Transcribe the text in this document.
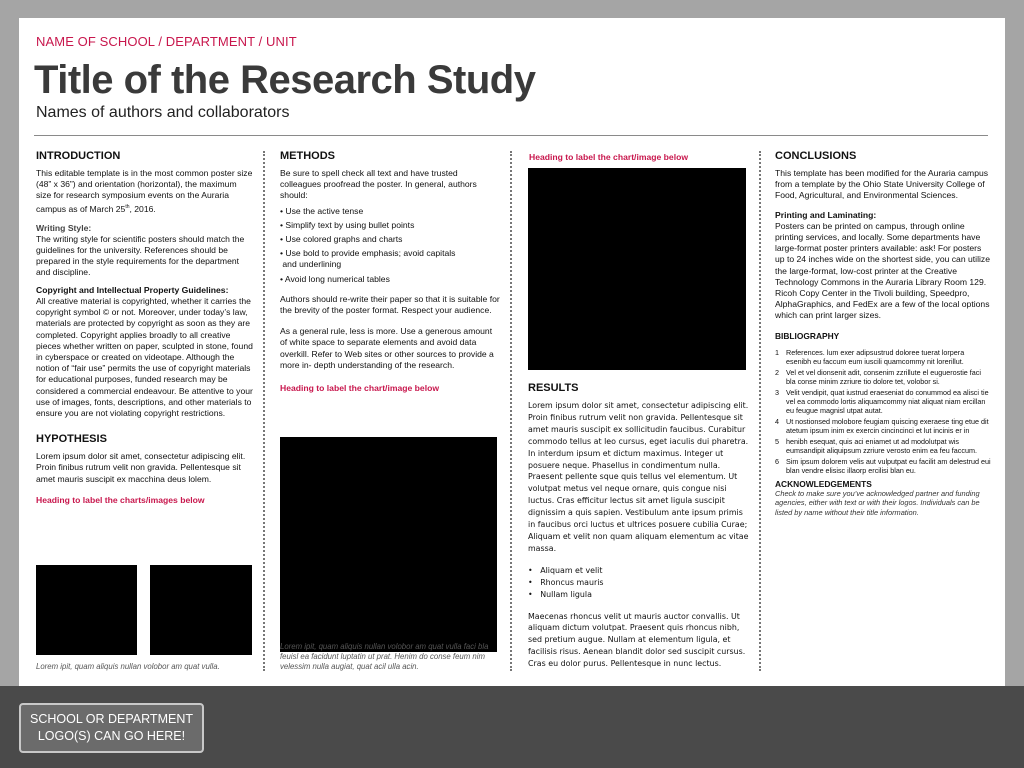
NAME OF SCHOOL / DEPARTMENT / UNIT
Title of the Research Study
Names of authors and collaborators
INTRODUCTION

This editable template is in the most common poster size (48” x 36”) and orientation (horizontal), the maximum size for research symposium events on the Auraria campus as of March 25th, 2016.

Writing Style:

The writing style for scientific posters should match the guidelines for the university. References should be prepared in the style requirements for the department and discipline.

Copyright and Intellectual Property Guidelines:

All creative material is copyrighted, whether it carries the copyright symbol © or not. Moreover, under today’s law, materials are protected by copyright as soon as they are completed. Copyright applies broadly to all creative pieces whether written on paper, sculpted in stone, found in cyberspace or created on videotape. Although the notion of “fair use” permits the use of copyright materials for educational purposes, funded research may be considered a commercial endeavour. Be attentive to your use of images, fonts, descriptions, and other materials to ensure you are not violating copyright restrictions.

HYPOTHESIS

Lorem ipsum dolor sit amet, consectetur adipiscing elit. Proin finibus rutrum velit non gravida. Pellentesque sit amet mauris suscipit ex macchina deus lolem.

Heading to label the charts/images below

Lorem ipit, quam aliquis nullan volobor am quat vulla.

METHODS

Be sure to spell check all text and have trusted colleagues proofread the poster. In general, authors should:

• Use the active tense
• Simplify text by using bullet points
• Use colored graphs and charts
• Use bold to provide emphasis; avoid capitals
and underlining
• Avoid long numerical tables

Authors should re-write their paper so that it is suitable for the brevity of the poster format. Respect your audience.

As a general rule, less is more. Use a generous amount of white space to separate elements and avoid data overkill. Refer to Web sites or other sources to provide a more in- depth understanding of the research.

Heading to label the chart/image below

Lorem ipit, quam aliquis nullan volobor am quat vulla faci bla feuisl ea facidunt luptatin ut prat. Henim do conse feum nim velessim nulla augiat, quat acil ulla acin.

Heading to label the chart/image below

RESULTS

Lorem ipsum dolor sit amet, consectetur adipiscing elit. Proin finibus rutrum velit non gravida. Pellentesque sit amet mauris suscipit ex sollicitudin faucibus. Curabitur commodo tellus at leo cursus, eget iaculis dui pharetra. In interdum ipsum et dictum maximus. Integer ut posuere neque. Phasellus in condimentum nulla. Praesent pellente sque quis tellus vel elementum. Ut volutpat metus vel neque ornare, quis congue nisi luctus. Cras efficitur lectus sit amet ligula suscipit dignissim a quis sapien. Vestibulum ante ipsum primis in faucibus orci luctus et ultrices posuere cubilia Curae; Aliquam et velit non quam aliquam elementum ac vitae massa.

•   Aliquam et velit
•   Rhoncus mauris
•   Nullam ligula

Maecenas rhoncus velit ut mauris auctor convallis. Ut aliquam dictum volutpat. Praesent quis rhoncus nibh, sed pretium augue. Nullam at elementum ligula, et facilisis risus. Aenean blandit dolor sed suscipit cursus. Cras eu dolor purus. Pellentesque in nunc lectus.

CONCLUSIONS

This template has been modified for the Auraria campus from a template by the Ohio State University College of Food, Agricultural, and Environmental Sciences.

Printing and Laminating:

Posters can be printed on campus, through online printing services, and locally. Some departments have large-format poster printers available: ask! For posters up to 24 inches wide on the shortest side, you can utilize the large-format, low-cost printer at the Creative Technology Commons in the Auraria Library Room 129. Ricoh Copy Center in the Tivoli building, Speedpro, AlphaGraphics, and FedEx are a few of the local options which can print larger sizes.

BIBLIOGRAPHY

1 References. lum exer adipsustrud doloree tuerat lorpera esenibh eu faccum eum iuscili quamcommy nit lorerillut.
2 Vel et vel dionsenit adit, consenim zzrillute el euguerostie faci bla conse minim zzriure tio dolore tet, volobor si.
3 Velit vendipit, quat iustrud eraeseniat do conummod ea alisci tie vel ea commodo lortis aliquamcommy niat aliquat niam ercillan eu feugue magnisl utpat autat.
4 Ut nostionsed molobore feugiam quiscing exeraese ting etue dit atetum ipsum inim ex exercin cincincinci et lut incinis er in
5 henibh esequat, quis aci eniamet ut ad modolutpat wis eumsandipit aliquipsum zzriure verosto enim ea feu faccum.
6 Sim ipsum dolorem velis aut vulputpat eu facilit am delestrud eui blan vendre elisisc illaorp ercilisi blan eu.

ACKNOWLEDGEMENTS

Check to make sure you’ve acknowledged partner and funding agencies, either with text or with their logos. Individuals can be listed by name without their title information.

SCHOOL OR DEPARTMENT
LOGO(S) CAN GO HERE!
